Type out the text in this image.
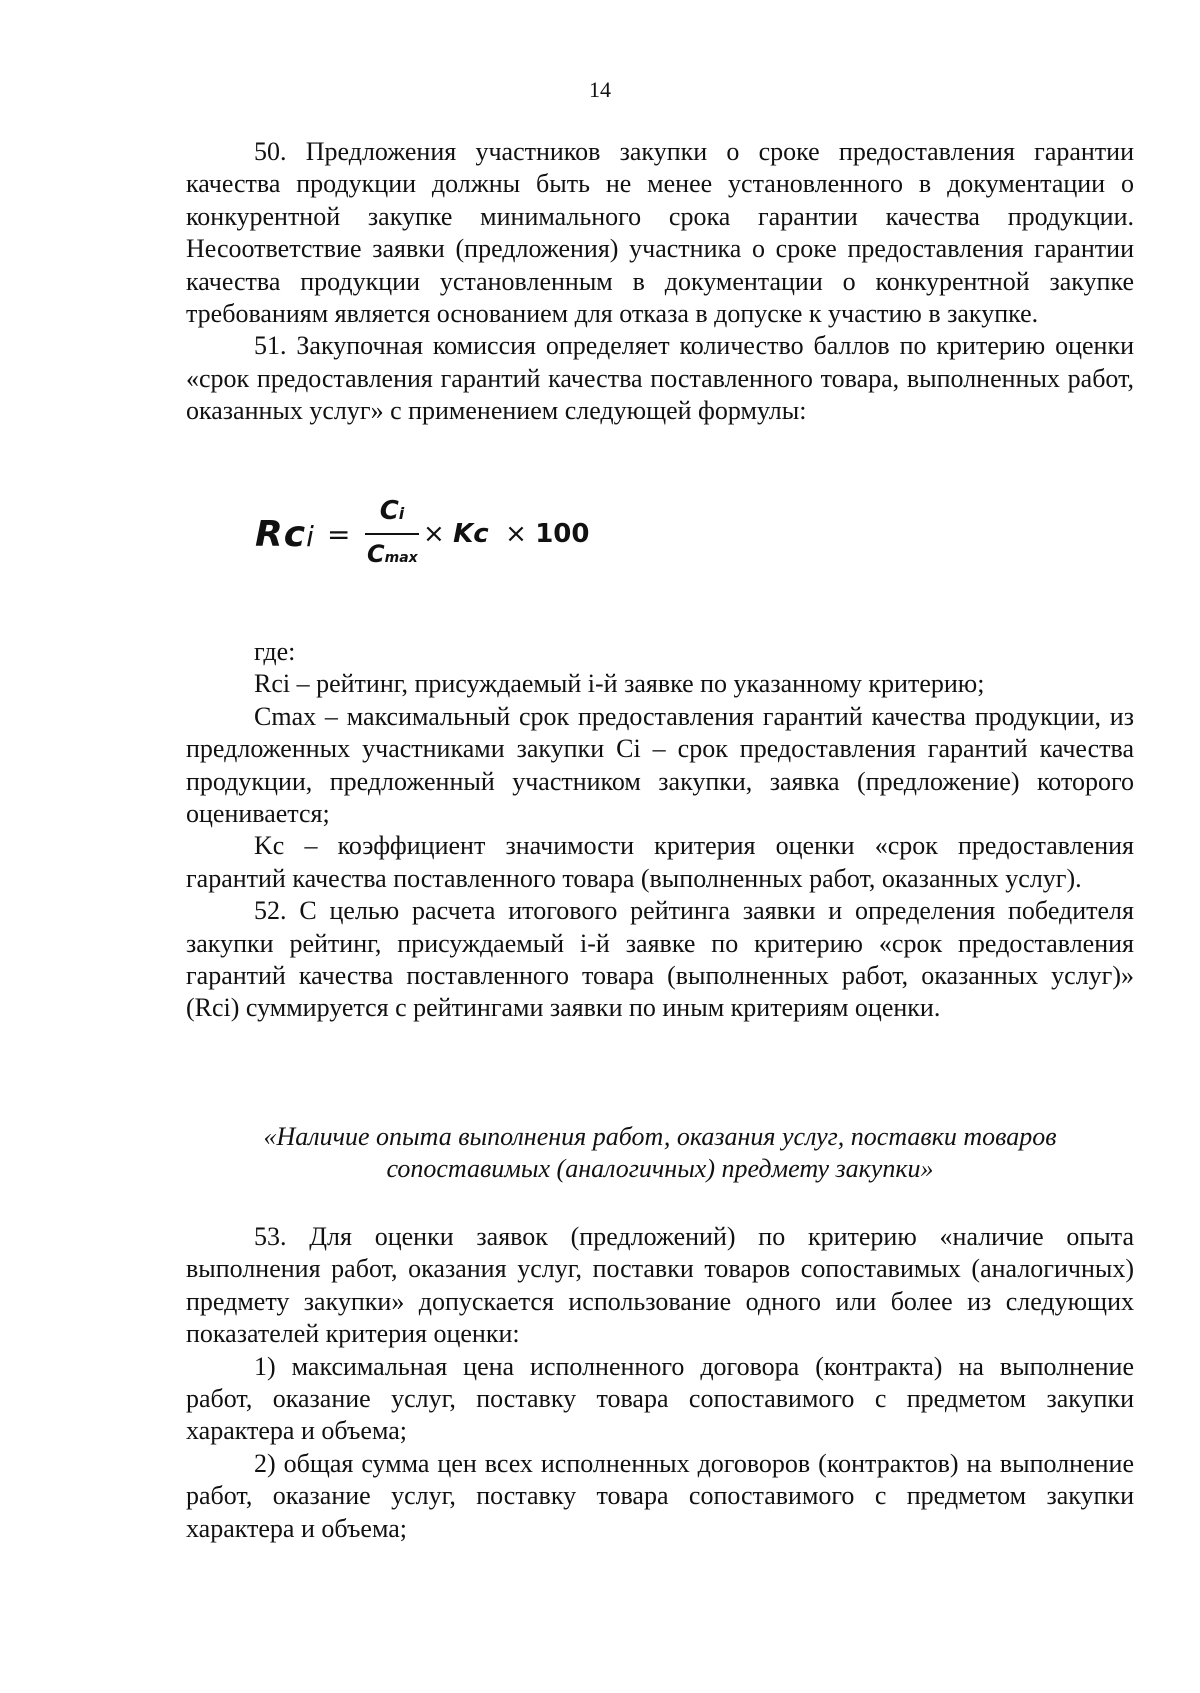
14

50. Предложения участников закупки о сроке предоставления гарантии качества продукции должны быть не менее установленного в документации о конкурентной закупке минимального срока гарантии качества продукции. Несоответствие заявки (предложения) участника о сроке предоставления гарантии качества продукции установленным в документации о конкурентной закупке требованиям является основанием для отказа в допуске к участию в закупке.

51. Закупочная комиссия определяет количество баллов по критерию оценки «срок предоставления гарантий качества поставленного товара, выполненных работ, оказанных услуг» с применением следующей формулы:

Rci =
Ci
Cmax
× Kc × 100

где:

Rci – рейтинг, присуждаемый i-й заявке по указанному критерию;

Cmax – максимальный срок предоставления гарантий качества продукции, из предложенных участниками закупки Ci – срок предоставления гарантий качества продукции, предложенный участником закупки, заявка (предложение) которого оценивается;

Kc – коэффициент значимости критерия оценки «срок предоставления гарантий качества поставленного товара (выполненных работ, оказанных услуг).

52. С целью расчета итогового рейтинга заявки и определения победителя закупки рейтинг, присуждаемый i-й заявке по критерию «срок предоставления гарантий качества поставленного товара (выполненных работ, оказанных услуг)» (Rci) суммируется с рейтингами заявки по иным критериям оценки.

«Наличие опыта выполнения работ, оказания услуг, поставки товаров
сопоставимых (аналогичных) предмету закупки»

53. Для оценки заявок (предложений) по критерию «наличие опыта выполнения работ, оказания услуг, поставки товаров сопоставимых (аналогичных) предмету закупки» допускается использование одного или более из следующих показателей критерия оценки:

1) максимальная цена исполненного договора (контракта) на выполнение работ, оказание услуг, поставку товара сопоставимого с предметом закупки характера и объема;

2) общая сумма цен всех исполненных договоров (контрактов) на выполнение работ, оказание услуг, поставку товара сопоставимого с предметом закупки характера и объема;
